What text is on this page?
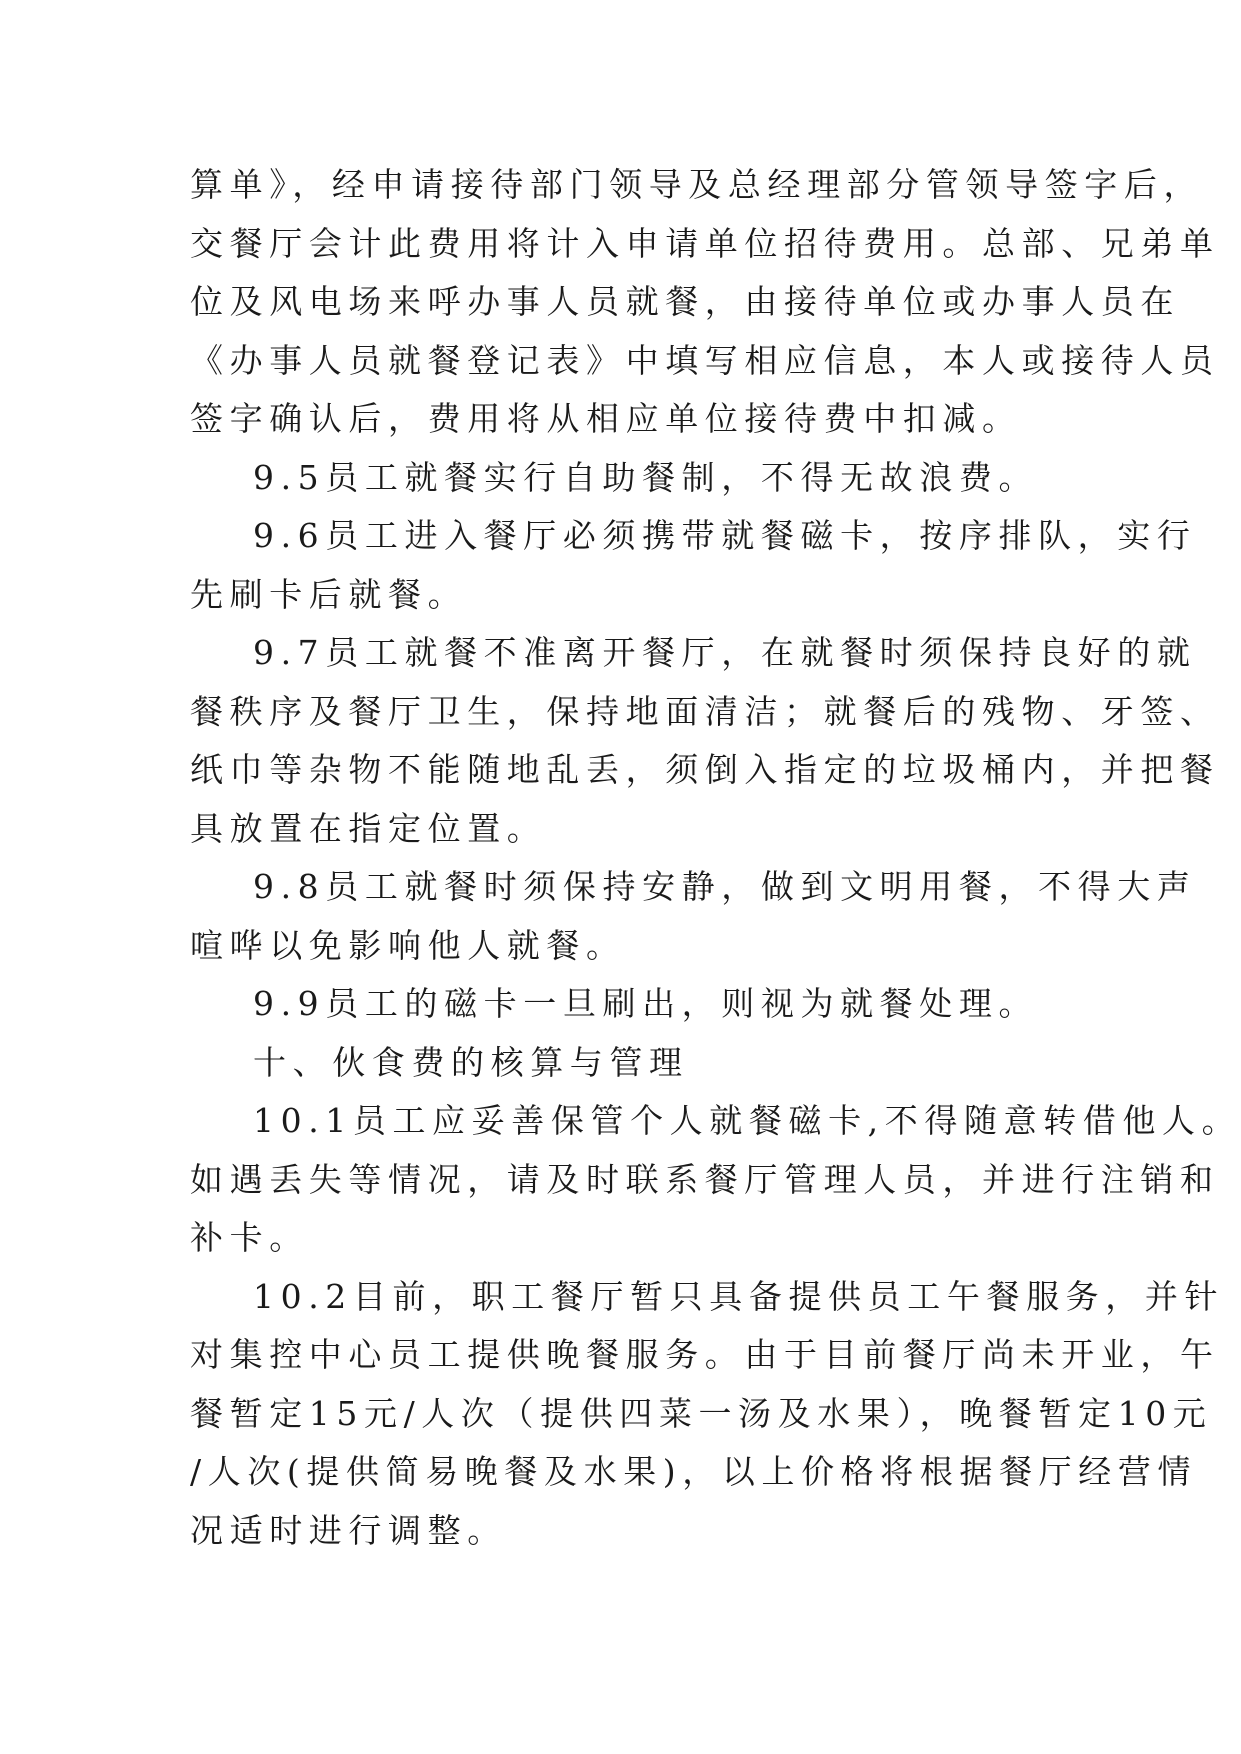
算单》，经申请接待部门领导及总经理部分管领导签字后，
交餐厅会计此费用将计入申请单位招待费用。总部、兄弟单
位及风电场来呼办事人员就餐，由接待单位或办事人员在
《办事人员就餐登记表》中填写相应信息，本人或接待人员
签字确认后，费用将从相应单位接待费中扣减。
9.5员工就餐实行自助餐制，不得无故浪费。
9.6员工进入餐厅必须携带就餐磁卡，按序排队，实行
先刷卡后就餐。
9.7员工就餐不准离开餐厅，在就餐时须保持良好的就
餐秩序及餐厅卫生，保持地面清洁；就餐后的残物、牙签、
纸巾等杂物不能随地乱丢，须倒入指定的垃圾桶内，并把餐
具放置在指定位置。
9.8员工就餐时须保持安静，做到文明用餐，不得大声
喧哗以免影响他人就餐。
9.9员工的磁卡一旦刷出，则视为就餐处理。
十、伙食费的核算与管理
10.1员工应妥善保管个人就餐磁卡,不得随意转借他人。
如遇丢失等情况，请及时联系餐厅管理人员，并进行注销和
补卡。
10.2目前，职工餐厅暂只具备提供员工午餐服务，并针
对集控中心员工提供晚餐服务。由于目前餐厅尚未开业，午
餐暂定15元/人次（提供四菜一汤及水果），晚餐暂定10元
/人次(提供简易晚餐及水果)，以上价格将根据餐厅经营情
况适时进行调整。
